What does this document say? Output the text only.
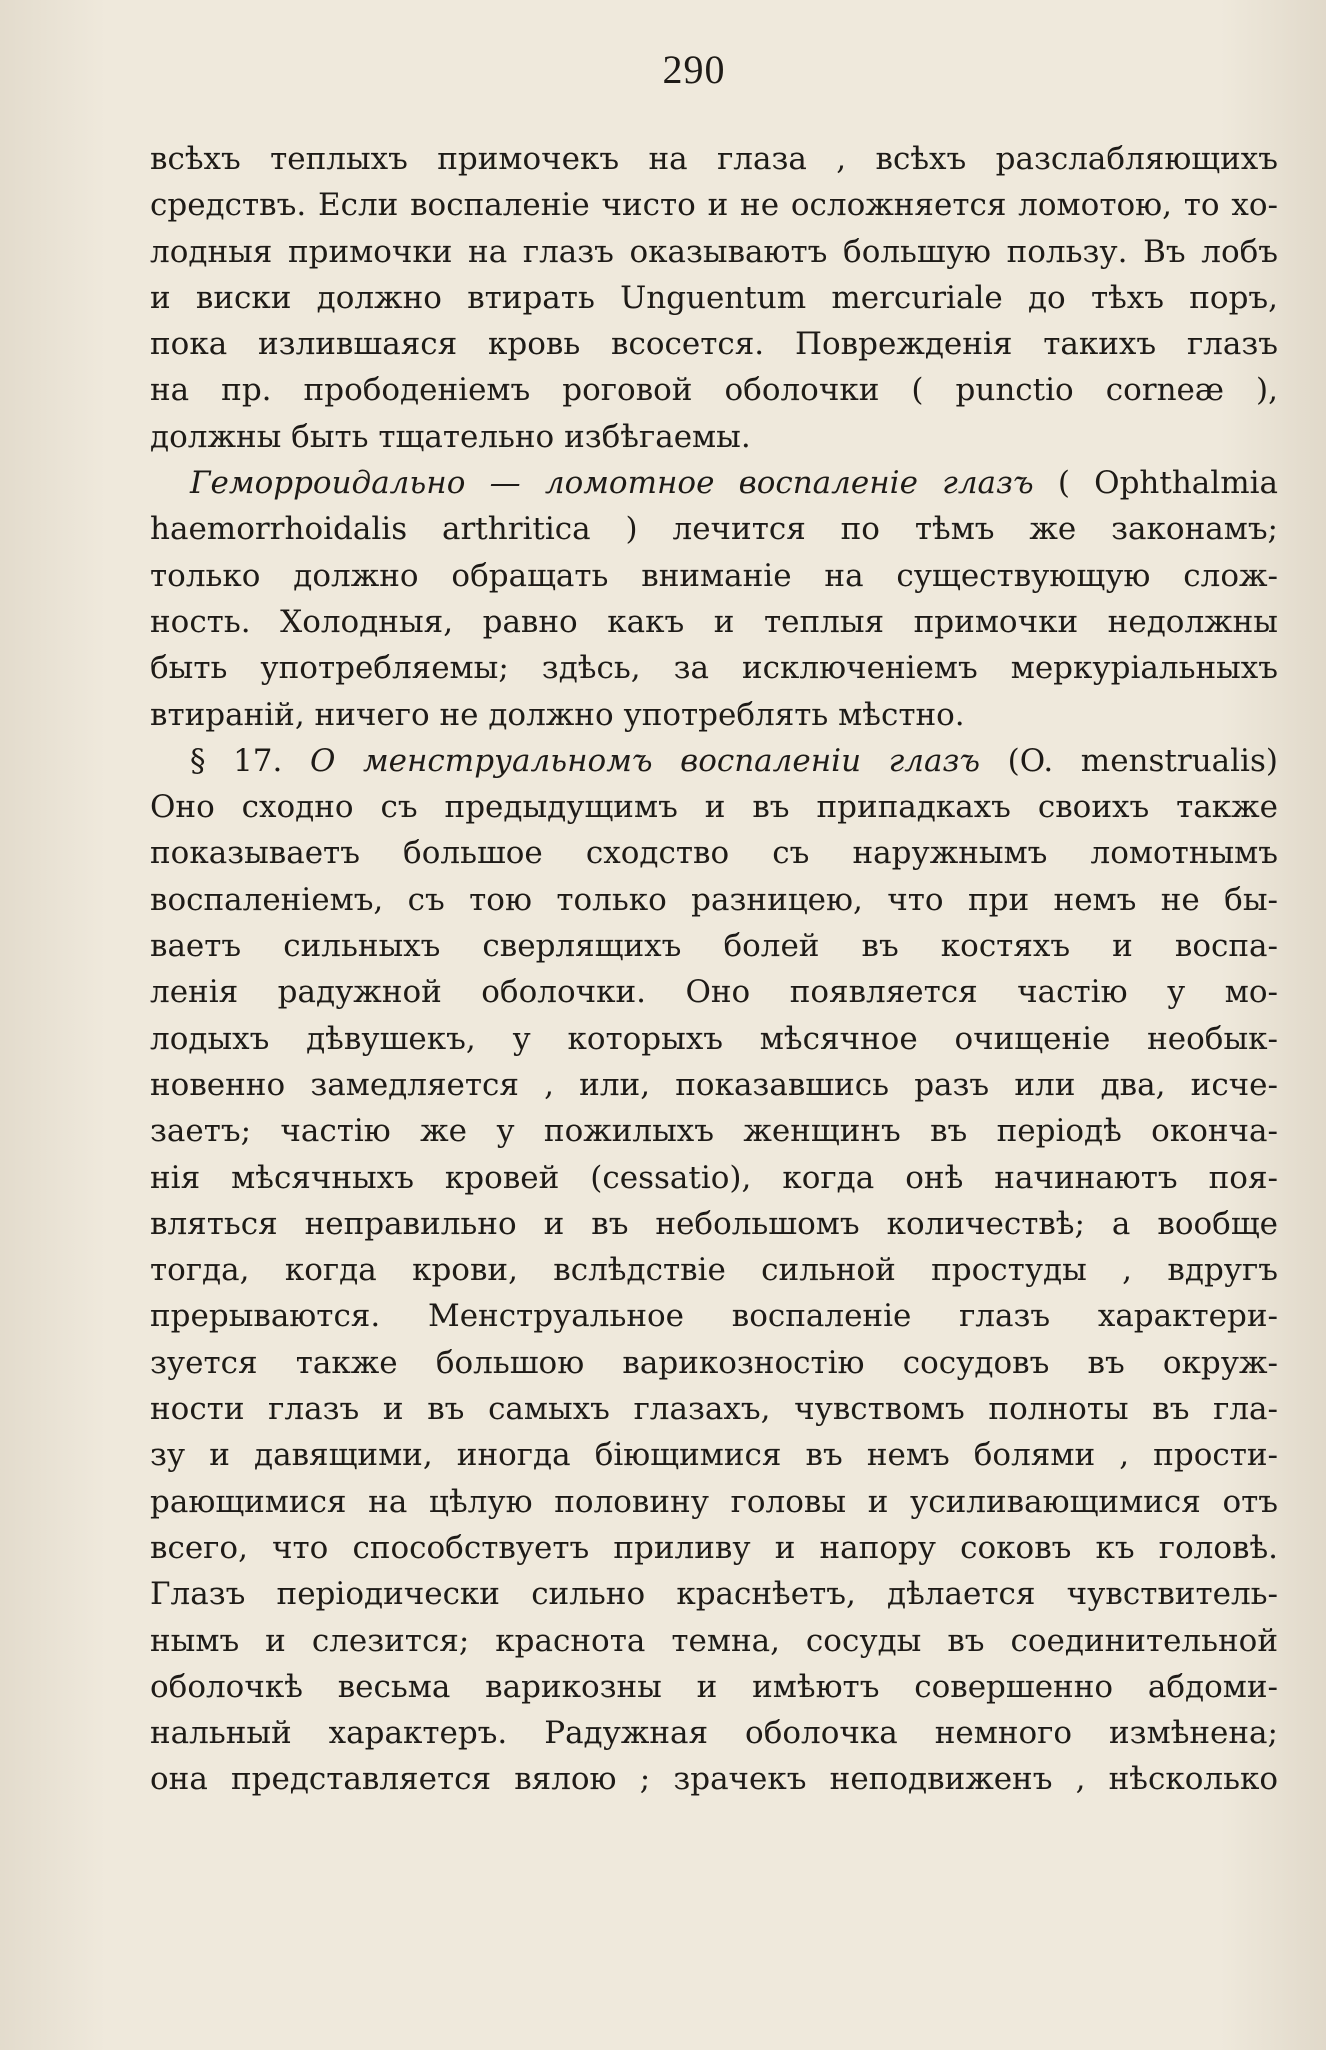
290
всѣхъ теплыхъ примочекъ на глаза , всѣхъ разслабляющихъ
средствъ. Если воспаленіе чисто и не осложняется ломотою, то хо-
лодныя примочки на глазъ оказываютъ большую пользу. Въ лобъ
и виски должно втирать Unguentum mercuriale до тѣхъ поръ,
пока излившаяся кровь всосется. Поврежденія такихъ глазъ
на пр. прободеніемъ роговой оболочки ( punctio corneæ ),
должны быть тщательно избѣгаемы.
Геморроидально — ломотное воспаленіе глазъ ( Ophthalmia
haemorrhoidalis arthritica ) лечится по тѣмъ же законамъ;
только должно обращать вниманіе на существующую слож-
ность. Холодныя, равно какъ и теплыя примочки недолжны
быть употребляемы; здѣсь, за исключеніемъ меркуріальныхъ
втираній, ничего не должно употреблять мѣстно.
§ 17. О менструальномъ воспаленіи глазъ (O. menstrualis)
Оно сходно съ предыдущимъ и въ припадкахъ своихъ также
показываетъ большое сходство съ наружнымъ ломотнымъ
воспаленіемъ, съ тою только разницею, что при немъ не бы-
ваетъ сильныхъ сверлящихъ болей въ костяхъ и воспа-
ленія радужной оболочки. Оно появляется частію у мо-
лодыхъ дѣвушекъ, у которыхъ мѣсячное очищеніе необык-
новенно замедляется , или, показавшись разъ или два, исче-
заетъ; частію же у пожилыхъ женщинъ въ періодѣ оконча-
нія мѣсячныхъ кровей (cessatio), когда онѣ начинаютъ поя-
вляться неправильно и въ небольшомъ количествѣ; а вообще
тогда, когда крови, вслѣдствіе сильной простуды , вдругъ
прерываются. Менструальное воспаленіе глазъ характери-
зуется также большою варикозностію сосудовъ въ окруж-
ности глазъ и въ самыхъ глазахъ, чувствомъ полноты въ гла-
зу и давящими, иногда біющимися въ немъ болями , прости-
рающимися на цѣлую половину головы и усиливающимися отъ
всего, что способствуетъ приливу и напору соковъ къ головѣ.
Глазъ періодически сильно краснѣетъ, дѣлается чувствитель-
нымъ и слезится; краснота темна, сосуды въ соединительной
оболочкѣ весьма варикозны и имѣютъ совершенно абдоми-
нальный характеръ. Радужная оболочка немного измѣнена;
она представляется вялою ; зрачекъ неподвиженъ , нѣсколько
